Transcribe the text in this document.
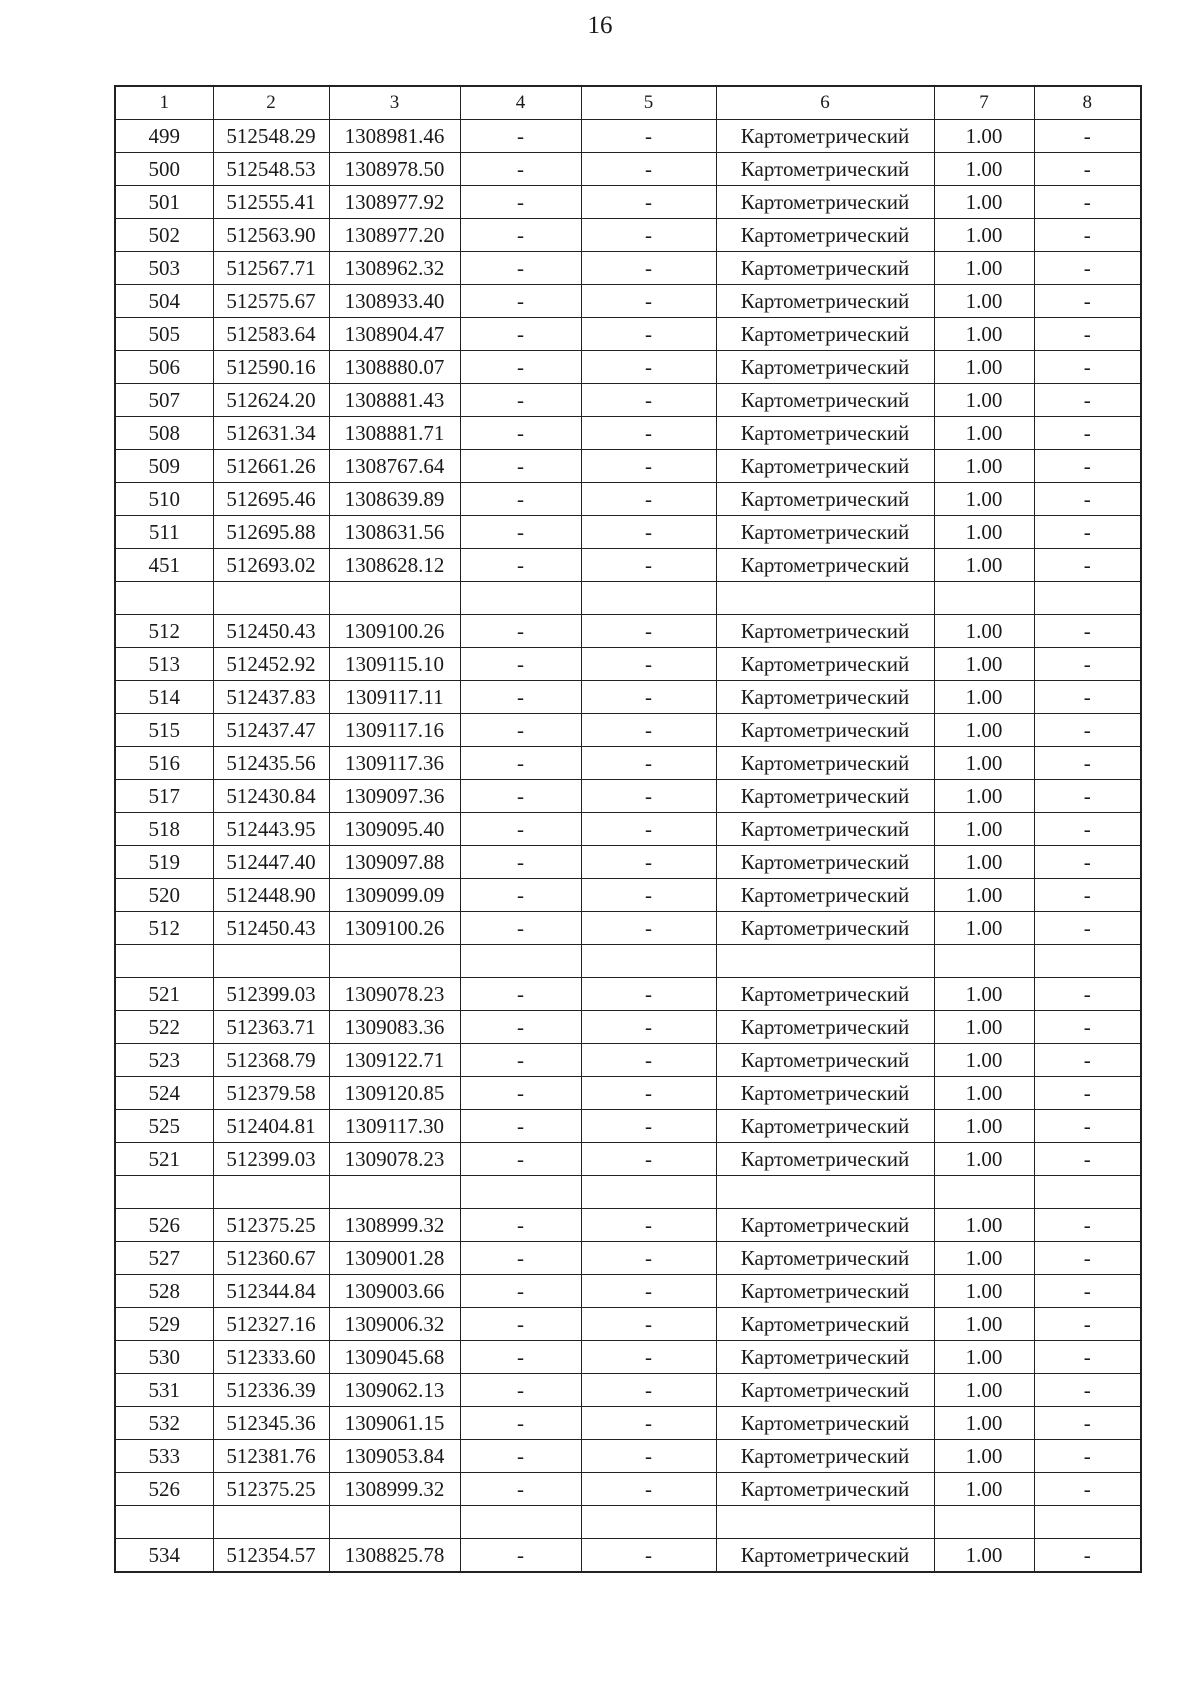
16
1	2	3	4	5	6	7	8
499	512548.29	1308981.46	-	-	Картометрический	1.00	-
500	512548.53	1308978.50	-	-	Картометрический	1.00	-
501	512555.41	1308977.92	-	-	Картометрический	1.00	-
502	512563.90	1308977.20	-	-	Картометрический	1.00	-
503	512567.71	1308962.32	-	-	Картометрический	1.00	-
504	512575.67	1308933.40	-	-	Картометрический	1.00	-
505	512583.64	1308904.47	-	-	Картометрический	1.00	-
506	512590.16	1308880.07	-	-	Картометрический	1.00	-
507	512624.20	1308881.43	-	-	Картометрический	1.00	-
508	512631.34	1308881.71	-	-	Картометрический	1.00	-
509	512661.26	1308767.64	-	-	Картометрический	1.00	-
510	512695.46	1308639.89	-	-	Картометрический	1.00	-
511	512695.88	1308631.56	-	-	Картометрический	1.00	-
451	512693.02	1308628.12	-	-	Картометрический	1.00	-

512	512450.43	1309100.26	-	-	Картометрический	1.00	-
513	512452.92	1309115.10	-	-	Картометрический	1.00	-
514	512437.83	1309117.11	-	-	Картометрический	1.00	-
515	512437.47	1309117.16	-	-	Картометрический	1.00	-
516	512435.56	1309117.36	-	-	Картометрический	1.00	-
517	512430.84	1309097.36	-	-	Картометрический	1.00	-
518	512443.95	1309095.40	-	-	Картометрический	1.00	-
519	512447.40	1309097.88	-	-	Картометрический	1.00	-
520	512448.90	1309099.09	-	-	Картометрический	1.00	-
512	512450.43	1309100.26	-	-	Картометрический	1.00	-

521	512399.03	1309078.23	-	-	Картометрический	1.00	-
522	512363.71	1309083.36	-	-	Картометрический	1.00	-
523	512368.79	1309122.71	-	-	Картометрический	1.00	-
524	512379.58	1309120.85	-	-	Картометрический	1.00	-
525	512404.81	1309117.30	-	-	Картометрический	1.00	-
521	512399.03	1309078.23	-	-	Картометрический	1.00	-

526	512375.25	1308999.32	-	-	Картометрический	1.00	-
527	512360.67	1309001.28	-	-	Картометрический	1.00	-
528	512344.84	1309003.66	-	-	Картометрический	1.00	-
529	512327.16	1309006.32	-	-	Картометрический	1.00	-
530	512333.60	1309045.68	-	-	Картометрический	1.00	-
531	512336.39	1309062.13	-	-	Картометрический	1.00	-
532	512345.36	1309061.15	-	-	Картометрический	1.00	-
533	512381.76	1309053.84	-	-	Картометрический	1.00	-
526	512375.25	1308999.32	-	-	Картометрический	1.00	-

534	512354.57	1308825.78	-	-	Картометрический	1.00	-
